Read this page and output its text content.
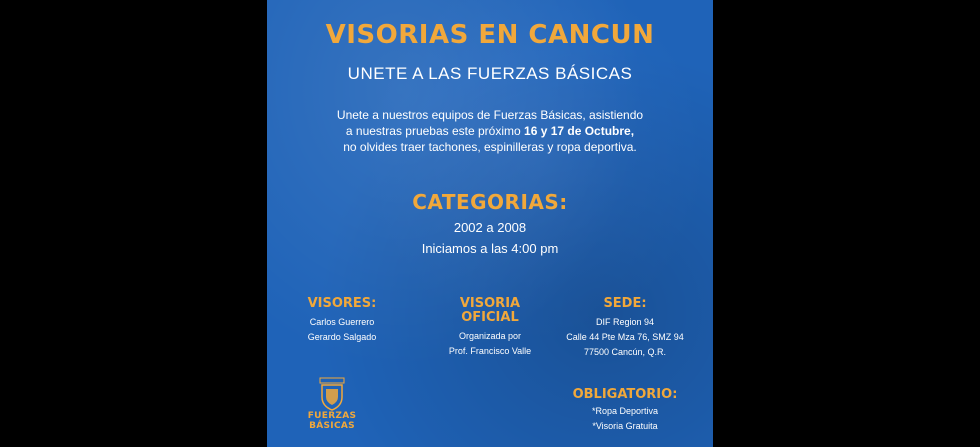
VISORIAS EN CANCUN
UNETE A LAS FUERZAS BÁSICAS
Unete a nuestros equipos de Fuerzas Básicas, asistiendo
a nuestras pruebas este próximo 16 y 17 de Octubre,
no olvides traer tachones, espinilleras y ropa deportiva.
CATEGORIAS:
2002 a 2008
Iniciamos a las 4:00 pm
VISORES:
Carlos Guerrero
Gerardo Salgado
VISORIA
OFICIAL
Organizada por
Prof. Francisco Valle
SEDE:
DIF Region 94
Calle 44 Pte Mza 76, SMZ 94
77500 Cancún, Q.R.
OBLIGATORIO:
*Ropa Deportiva
*Visoria Gratuita
FUERZAS
BÁSICAS
